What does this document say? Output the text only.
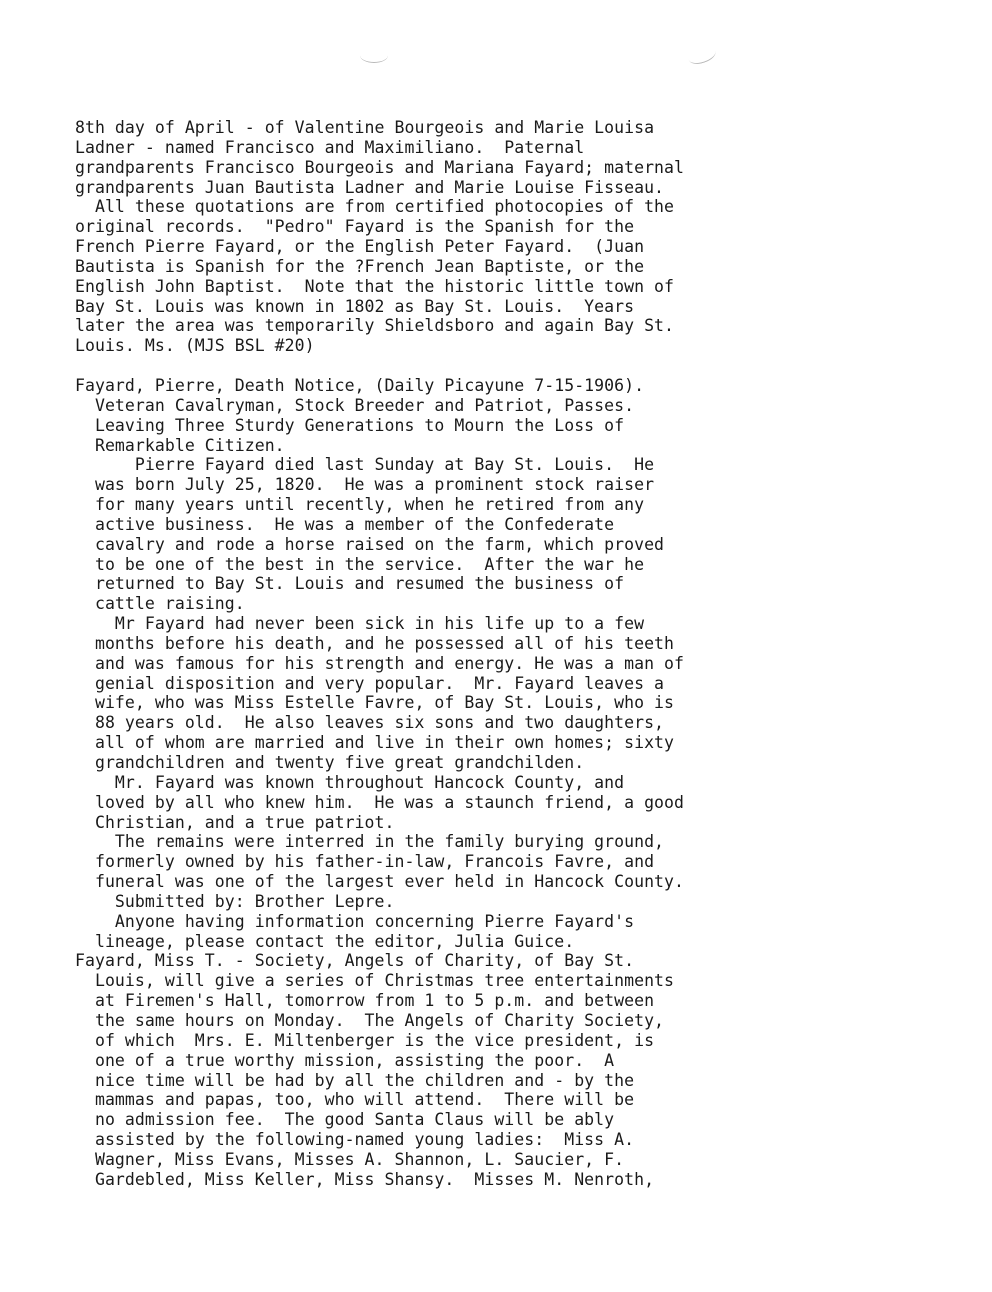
8th day of April - of Valentine Bourgeois and Marie Louisa
Ladner - named Francisco and Maximiliano.  Paternal
grandparents Francisco Bourgeois and Mariana Fayard; maternal
grandparents Juan Bautista Ladner and Marie Louise Fisseau.
All these quotations are from certified photocopies of the
original records.  "Pedro" Fayard is the Spanish for the
French Pierre Fayard, or the English Peter Fayard.  (Juan
Bautista is Spanish for the ?French Jean Baptiste, or the
English John Baptist.  Note that the historic little town of
Bay St. Louis was known in 1802 as Bay St. Louis.  Years
later the area was temporarily Shieldsboro and again Bay St.
Louis. Ms. (MJS BSL #20)
Fayard, Pierre, Death Notice, (Daily Picayune 7-15-1906).
Veteran Cavalryman, Stock Breeder and Patriot, Passes.
Leaving Three Sturdy Generations to Mourn the Loss of
Remarkable Citizen.
Pierre Fayard died last Sunday at Bay St. Louis.  He
was born July 25, 1820.  He was a prominent stock raiser
for many years until recently, when he retired from any
active business.  He was a member of the Confederate
cavalry and rode a horse raised on the farm, which proved
to be one of the best in the service.  After the war he
returned to Bay St. Louis and resumed the business of
cattle raising.
Mr Fayard had never been sick in his life up to a few
months before his death, and he possessed all of his teeth
and was famous for his strength and energy. He was a man of
genial disposition and very popular.  Mr. Fayard leaves a
wife, who was Miss Estelle Favre, of Bay St. Louis, who is
88 years old.  He also leaves six sons and two daughters,
all of whom are married and live in their own homes; sixty
grandchildren and twenty five great grandchilden.
Mr. Fayard was known throughout Hancock County, and
loved by all who knew him.  He was a staunch friend, a good
Christian, and a true patriot.
The remains were interred in the family burying ground,
formerly owned by his father-in-law, Francois Favre, and
funeral was one of the largest ever held in Hancock County.
Submitted by: Brother Lepre.
Anyone having information concerning Pierre Fayard's
lineage, please contact the editor, Julia Guice.
Fayard, Miss T. - Society, Angels of Charity, of Bay St.
Louis, will give a series of Christmas tree entertainments
at Firemen's Hall, tomorrow from 1 to 5 p.m. and between
the same hours on Monday.  The Angels of Charity Society,
of which  Mrs. E. Miltenberger is the vice president, is
one of a true worthy mission, assisting the poor.  A
nice time will be had by all the children and - by the
mammas and papas, too, who will attend.  There will be
no admission fee.  The good Santa Claus will be ably
assisted by the following-named young ladies:  Miss A.
Wagner, Miss Evans, Misses A. Shannon, L. Saucier, F.
Gardebled, Miss Keller, Miss Shansy.  Misses M. Nenroth,
